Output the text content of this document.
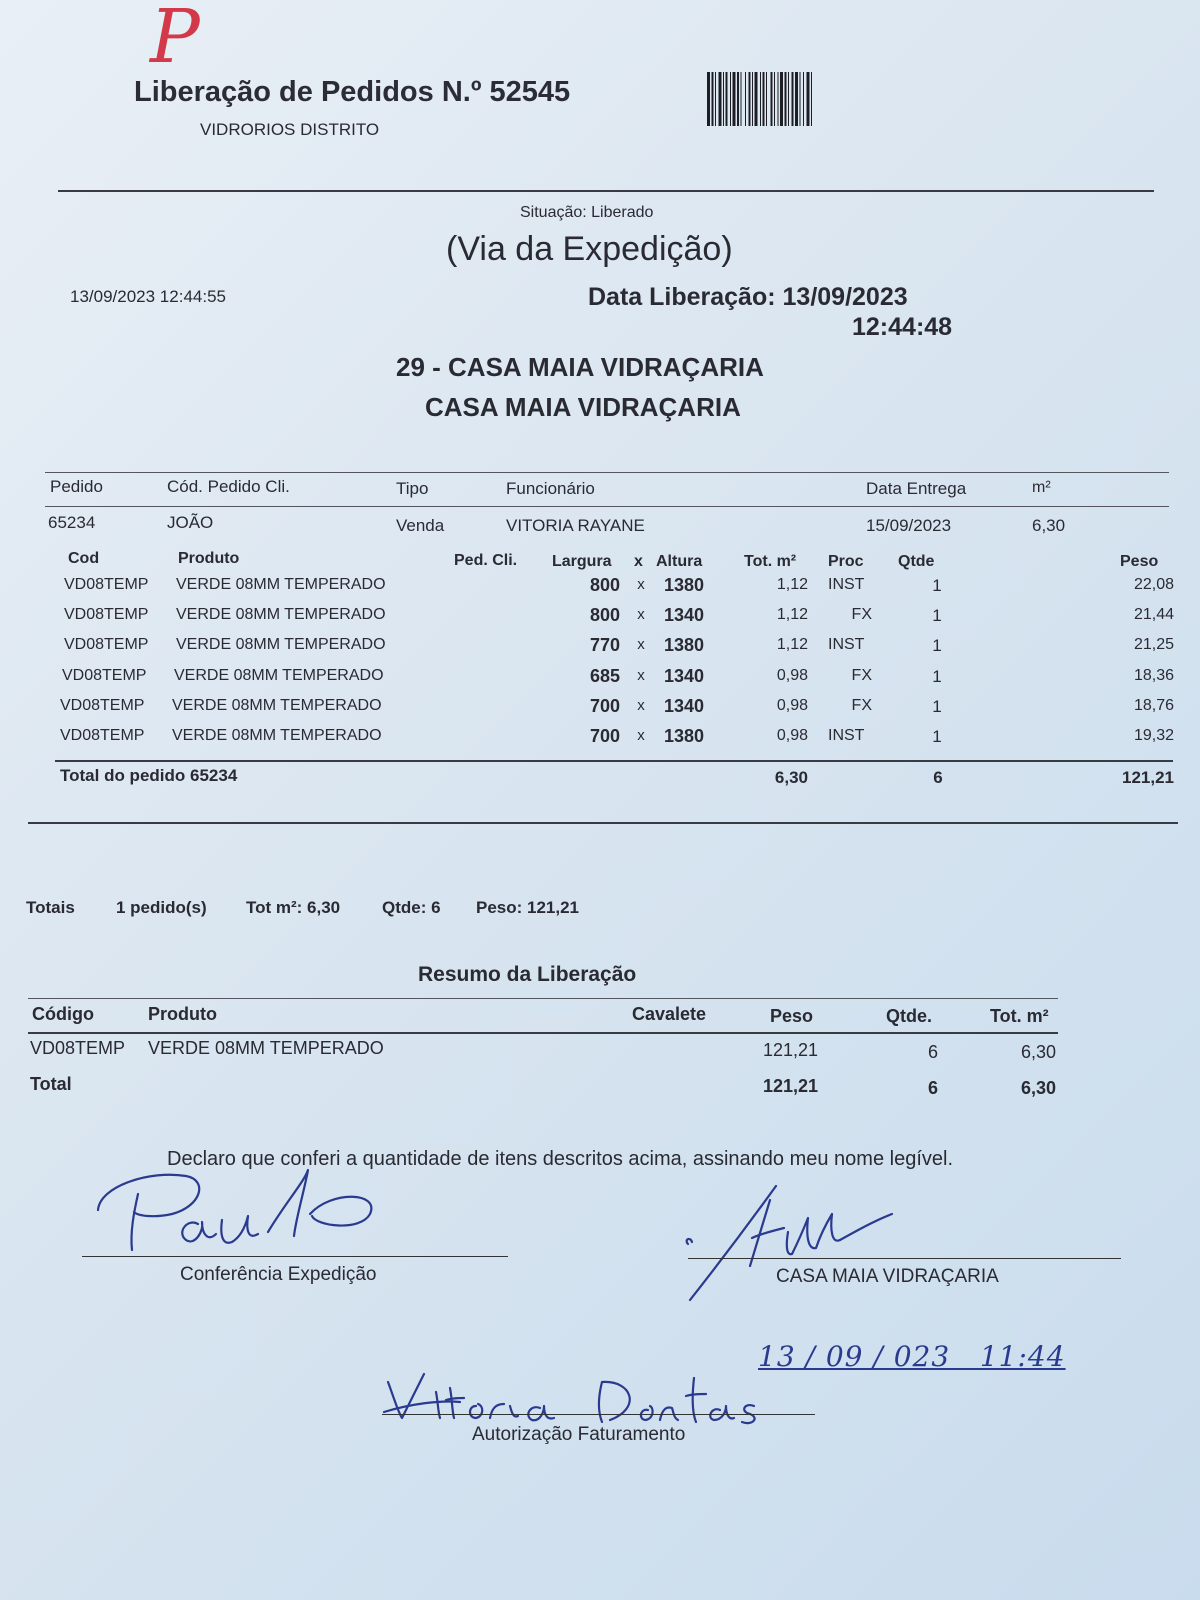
P
Liberação de Pedidos N.º 52545
VIDRORIOS DISTRITO
Situação: Liberado
(Via da Expedição)
13/09/2023 12:44:55	Data Liberação: 13/09/2023
12:44:48
29 - CASA MAIA VIDRAÇARIA
CASA MAIA VIDRAÇARIA
Pedido	Cód. Pedido Cli.	Tipo	Funcionário	Data Entrega	m²
65234	JOÃO	Venda	VITORIA RAYANE	15/09/2023	6,30
Cod	Produto	Ped. Cli. Largura x Altura	Tot. m² Proc Qtde	Peso
VD08TEMP VERDE 08MM TEMPERADO	800 x	1380	1,12 INST	1	22,08
VD08TEMP VERDE 08MM TEMPERADO	800 x	1340	1,12	FX	1	21,44
VD08TEMP VERDE 08MM TEMPERADO	770 x	1380	1,12 INST	1	21,25
VD08TEMP VERDE 08MM TEMPERADO	685 x	1340	0,98	FX	1	18,36
VD08TEMP VERDE 08MM TEMPERADO	700 x	1340	0,98	FX	1	18,76
VD08TEMP VERDE 08MM TEMPERADO	700 x	1380	0,98 INST	1	19,32
Total do pedido 65234	6,30	6	121,21
Totais 1 pedido(s) Tot m²: 6,30 Qtde: 6 Peso: 121,21
Resumo da Liberação
Código	Produto	Cavalete	Peso	Qtde.	Tot. m²
VD08TEMP VERDE 08MM TEMPERADO	121,21	6	6,30
Total	121,21	6	6,30
Declaro que conferi a quantidade de itens descritos acima, assinando meu nome legível.
Conferência Expedição	CASA MAIA VIDRAÇARIA
13 / 09 / 023   11:44
Autorização Faturamento
